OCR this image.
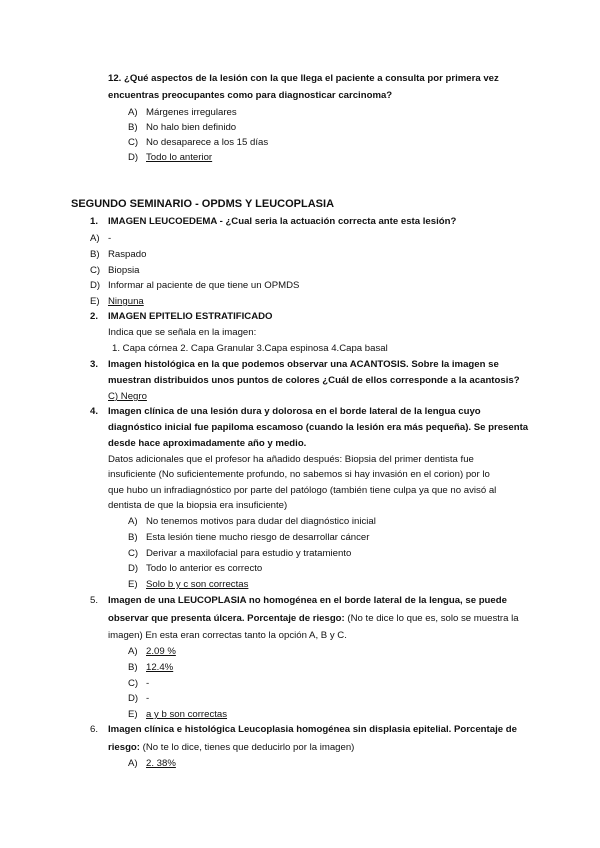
12. ¿Qué aspectos de la lesión con la que llega el paciente a consulta por primera vez
encuentras preocupantes como para diagnosticar carcinoma?
A) Márgenes irregulares
B) No halo bien definido
C) No desaparece a los 15 días
D) Todo lo anterior
SEGUNDO SEMINARIO - OPDMS Y LEUCOPLASIA
1. IMAGEN LEUCOEDEMA - ¿Cual seria la actuación correcta ante esta lesión?
A) -
B) Raspado
C) Biopsia
D) Informar al paciente de que tiene un OPMDS
E) Ninguna
2. IMAGEN EPITELIO ESTRATIFICADO
Indica que se señala en la imagen:
1. Capa córnea 2. Capa Granular 3.Capa espinosa 4.Capa basal
3. Imagen histológica en la que podemos observar una ACANTOSIS. Sobre la imagen se
muestran distribuidos unos puntos de colores ¿Cuál de ellos corresponde a la acantosis?
C) Negro
4. Imagen clínica de una lesión dura y dolorosa en el borde lateral de la lengua cuyo
diagnóstico inicial fue papiloma escamoso (cuando la lesión era más pequeña). Se presenta
desde hace aproximadamente año y medio.
Datos adicionales que el profesor ha añadido después: Biopsia del primer dentista fue
insuficiente (No suficientemente profundo, no sabemos si hay invasión en el corion) por lo
que hubo un infradiagnóstico por parte del patólogo (también tiene culpa ya que no avisó al
dentista de que la biopsia era insuficiente)
A) No tenemos motivos para dudar del diagnóstico inicial
B) Esta lesión tiene mucho riesgo de desarrollar cáncer
C) Derivar a maxilofacial para estudio y tratamiento
D) Todo lo anterior es correcto
E) Solo b y c son correctas
5. Imagen de una LEUCOPLASIA no homogénea en el borde lateral de la lengua, se puede
observar que presenta úlcera. Porcentaje de riesgo: (No te dice lo que es, solo se muestra la
imagen) En esta eran correctas tanto la opción A, B y C.
A) 2.09 %
B) 12.4%
C) -
D) -
E) a y b son correctas
6. Imagen clínica e histológica Leucoplasia homogénea sin displasia epitelial. Porcentaje de
riesgo: (No te lo dice, tienes que deducirlo por la imagen)
A) 2. 38%
